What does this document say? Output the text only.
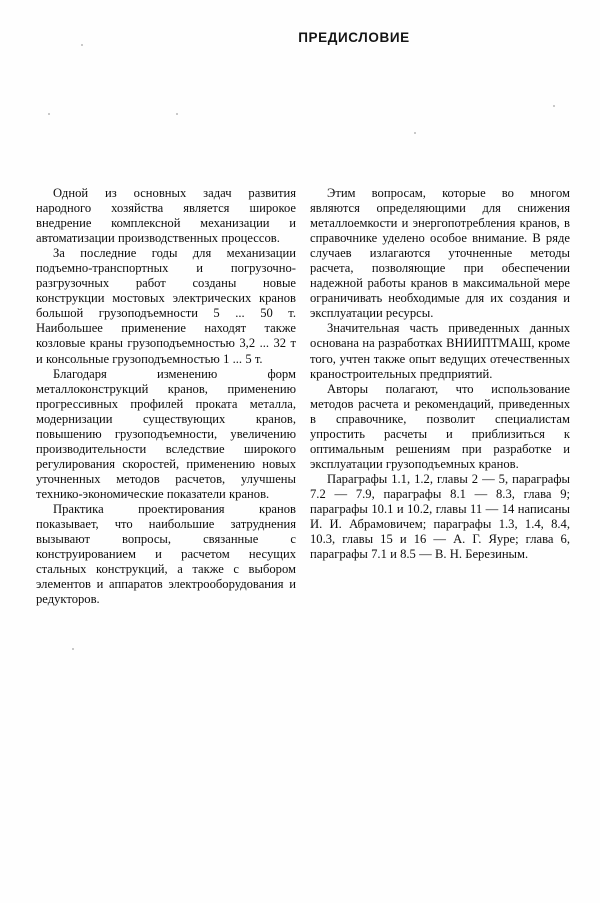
ПРЕДИСЛОВИЕ

Одной из основных задач развития народного хозяйства является широкое внедрение комплексной механизации и автоматизации производственных процессов.

За последние годы для механизации подъемно-транспортных и погрузочно-разгрузочных работ созданы новые конструкции мостовых электрических кранов большой грузоподъемности 5 ... 50 т. Наибольшее применение находят также козловые краны грузоподъемностью 3,2 ... 32 т и консольные грузоподъемностью 1 ... 5 т.

Благодаря изменению форм металлоконструкций кранов, применению прогрессивных профилей проката металла, модернизации существующих кранов, повышению грузоподъемности, увеличению производительности вследствие широкого регулирования скоростей, применению новых уточненных методов расчетов, улучшены технико-экономические показатели кранов.

Практика проектирования кранов показывает, что наибольшие затруднения вызывают вопросы, связанные с конструированием и расчетом несущих стальных конструкций, а также с выбором элементов и аппаратов электрооборудования и редукторов.

Этим вопросам, которые во многом являются определяющими для снижения металлоемкости и энергопотребления кранов, в справочнике уделено особое внимание. В ряде случаев излагаются уточненные методы расчета, позволяющие при обеспечении надежной работы кранов в максимальной мере ограничивать необходимые для их создания и эксплуатации ресурсы.

Значительная часть приведенных данных основана на разработках ВНИИПТМАШ, кроме того, учтен также опыт ведущих отечественных краностроительных предприятий.

Авторы полагают, что использование методов расчета и рекомендаций, приведенных в справочнике, позволит специалистам упростить расчеты и приблизиться к оптимальным решениям при разработке и эксплуатации грузоподъемных кранов.

Параграфы 1.1, 1.2, главы 2 — 5, параграфы 7.2 — 7.9, параграфы 8.1 — 8.3, глава 9; параграфы 10.1 и 10.2, главы 11 — 14 написаны И. И. Абрамовичем; параграфы 1.3, 1.4, 8.4, 10.3, главы 15 и 16 — А. Г. Яуре; глава 6, параграфы 7.1 и 8.5 — В. Н. Березиным.
